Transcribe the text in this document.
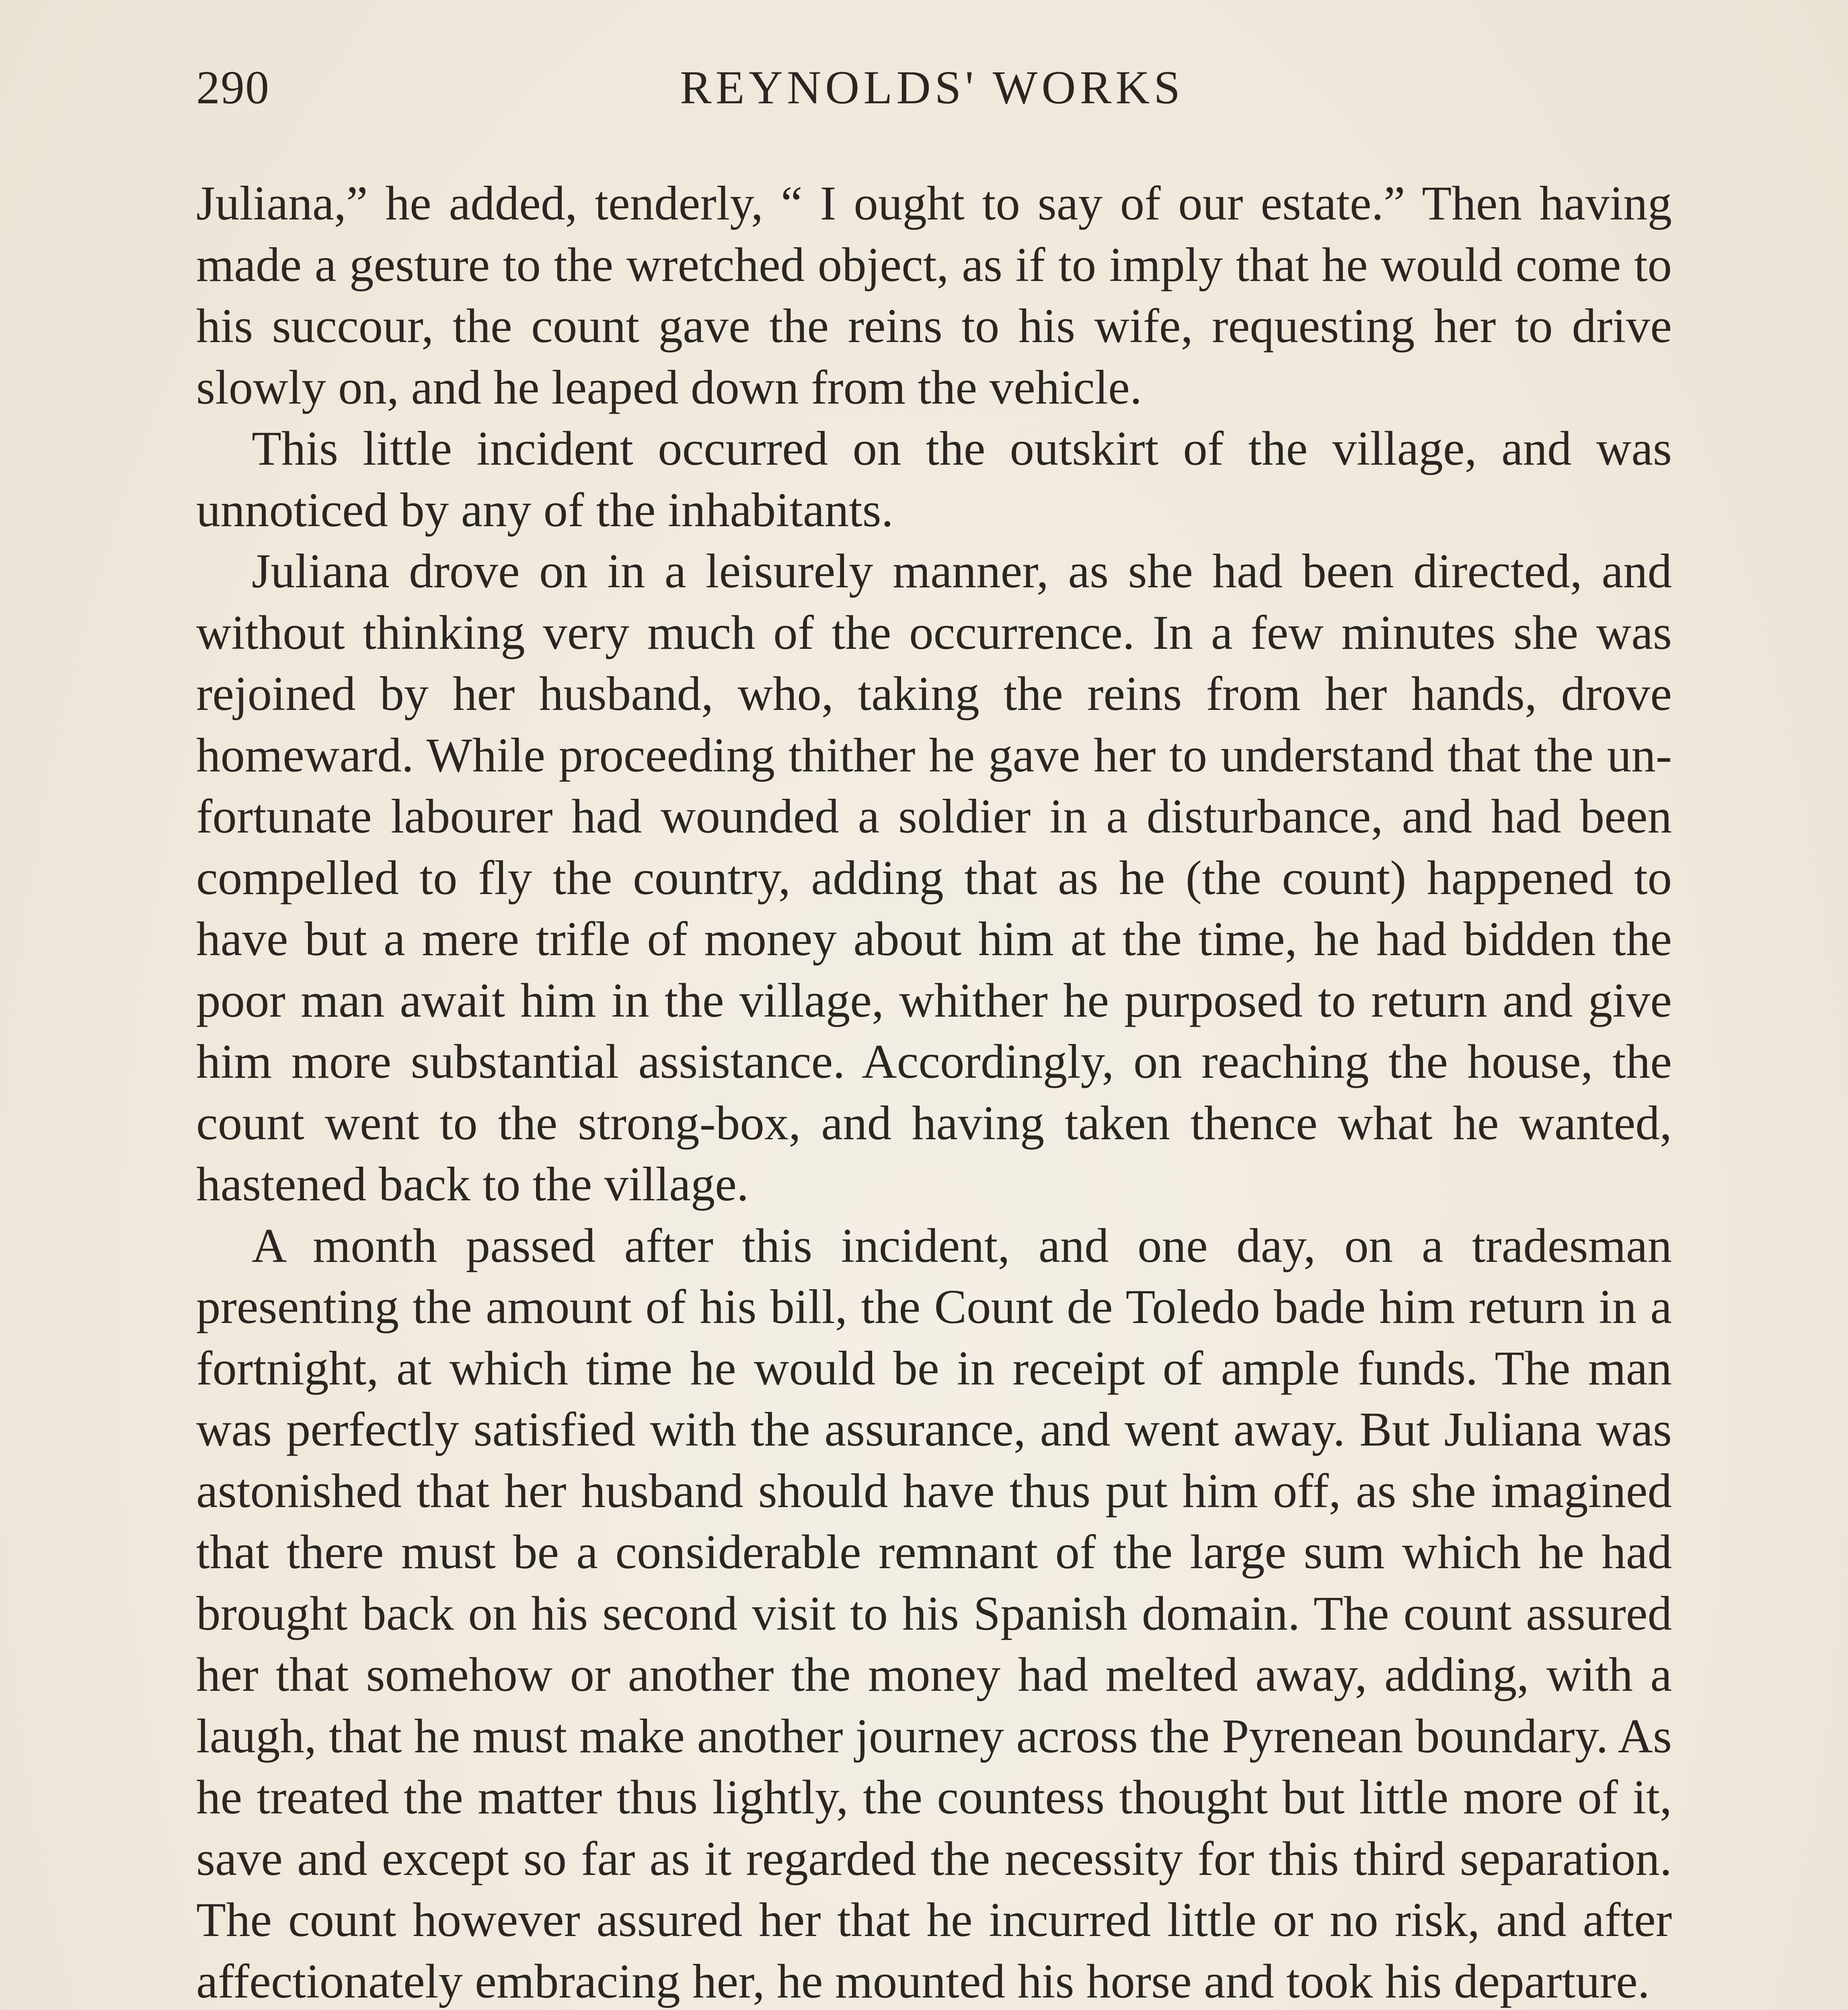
290	REYNOLDS' WORKS

Juliana,” he added, tenderly, “ I ought to say of our estate.” Then having made a gesture to the wretched object, as if to imply that he would come to his succour, the count gave the reins to his wife, requesting her to drive slowly on, and he leaped down from the vehicle.

This little incident occurred on the outskirt of the village, and was unnoticed by any of the inhabitants.

Juliana drove on in a leisurely manner, as she had been directed, and without thinking very much of the occurrence. In a few minutes she was rejoined by her husband, who, taking the reins from her hands, drove homeward. While proceeding thither he gave her to understand that the unfortunate labourer had wounded a soldier in a disturbance, and had been compelled to fly the country, adding that as he (the count) happened to have but a mere trifle of money about him at the time, he had bidden the poor man await him in the village, whither he purposed to return and give him more substantial assistance. Accordingly, on reaching the house, the count went to the strong-box, and having taken thence what he wanted, hastened back to the village.

A month passed after this incident, and one day, on a tradesman presenting the amount of his bill, the Count de Toledo bade him return in a fortnight, at which time he would be in receipt of ample funds. The man was perfectly satisfied with the assurance, and went away. But Juliana was astonished that her husband should have thus put him off, as she imagined that there must be a considerable remnant of the large sum which he had brought back on his second visit to his Spanish domain. The count assured her that somehow or another the money had melted away, adding, with a laugh, that he must make another journey across the Pyrenean boundary. As he treated the matter thus lightly, the countess thought but little more of it, save and except so far as it regarded the necessity for this third separation. The count however assured her that he incurred little or no risk, and after affectionately embracing her, he mounted his horse and took his departure.
